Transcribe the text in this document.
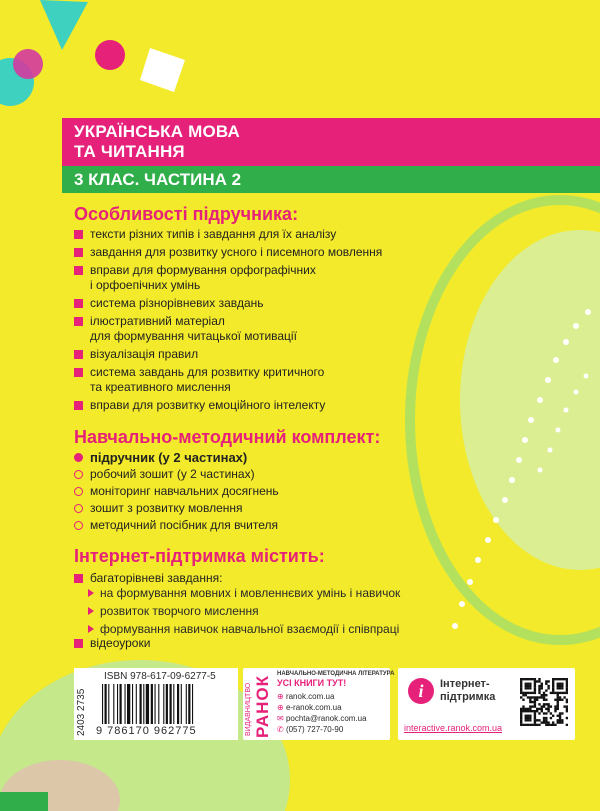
УКРАЇНСЬКА МОВА
ТА ЧИТАННЯ
3 КЛАС. ЧАСТИНА 2
Особливості підручника:
тексти різних типів і завдання для їх аналізу
завдання для розвитку усного і писемного мовлення
вправи для формування орфографічних
і орфоепічних умінь
система різнорівневих завдань
ілюстративний матеріал
для формування читацької мотивації
візуалізація правил
система завдань для розвитку критичного
та креативного мислення
вправи для розвитку емоційного інтелекту
Навчально-методичний комплект:
підручник (у 2 частинах)
робочий зошит (у 2 частинах)
моніторинг навчальних досягнень
зошит з розвитку мовлення
методичний посібник для вчителя
Інтернет-підтримка містить:
багаторівневі завдання:
на формування мовних і мовленнєвих умінь і навичок
розвиток творчого мислення
формування навичок навчальної взаємодії і співпраці
відеоуроки
2403 2735
ISBN 978-617-09-6277-5
9 786170 962775	ВИДАВНИЦТВО РАНОК
НАВЧАЛЬНО-МЕТОДИЧНА ЛІТЕРАТУРА
УСІ КНИГИ ТУТ!
⊕ ranok.com.ua
⊕ e-ranok.com.ua
✉ pochta@ranok.com.ua
✆ (057) 727-70-90
i	Інтернет-
підтримка
interactive.ranok.com.ua
